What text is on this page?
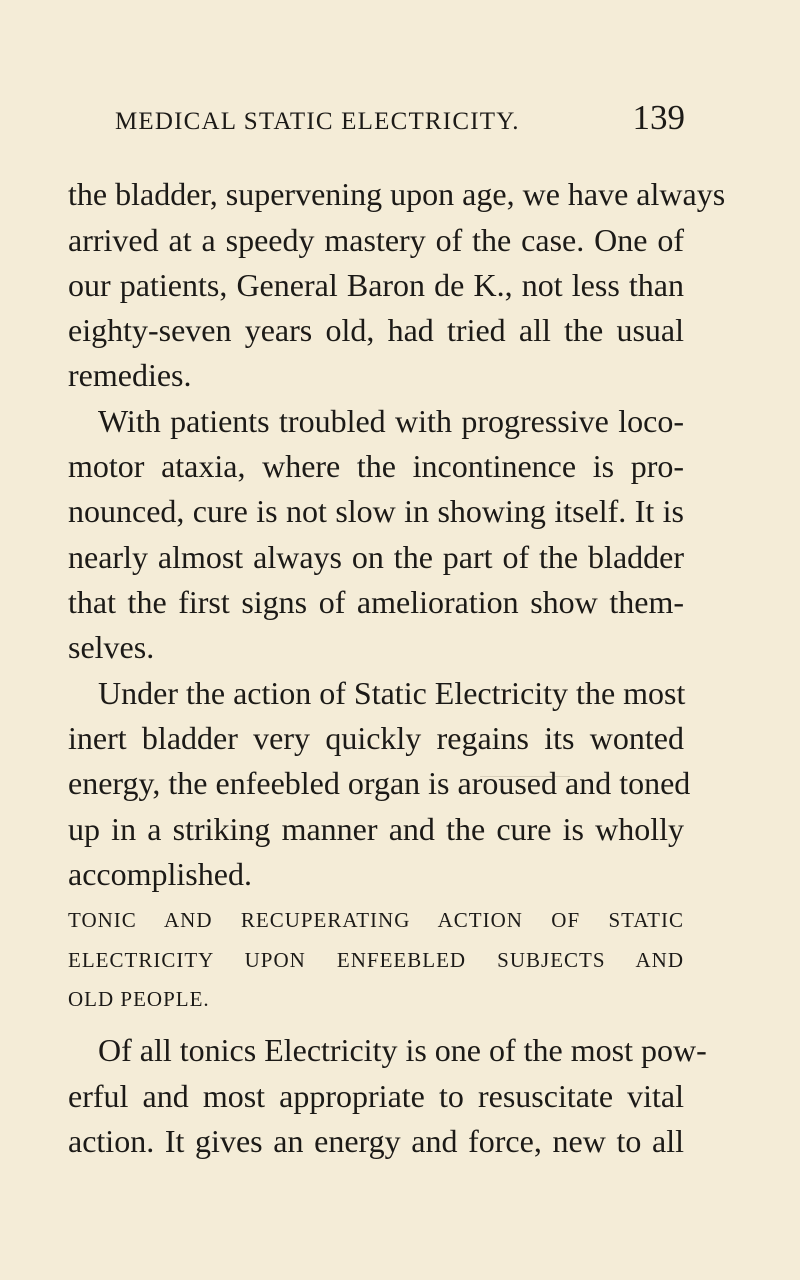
MEDICAL STATIC ELECTRICITY.	139
the bladder, supervening upon age, we have always
arrived at a speedy mastery of the case. One of
our patients, General Baron de K., not less than
eighty-seven years old, had tried all the usual
remedies.
With patients troubled with progressive loco-
motor ataxia, where the incontinence is pro-
nounced, cure is not slow in showing itself. It is
nearly almost always on the part of the bladder
that the first signs of amelioration show them-
selves.
Under the action of Static Electricity the most
inert bladder very quickly regains its wonted
energy, the enfeebled organ is aroused and toned
up in a striking manner and the cure is wholly
accomplished.
TONIC AND RECUPERATING ACTION OF STATIC
ELECTRICITY UPON ENFEEBLED SUBJECTS AND
OLD PEOPLE.
Of all tonics Electricity is one of the most pow-
erful and most appropriate to resuscitate vital
action. It gives an energy and force, new to all
